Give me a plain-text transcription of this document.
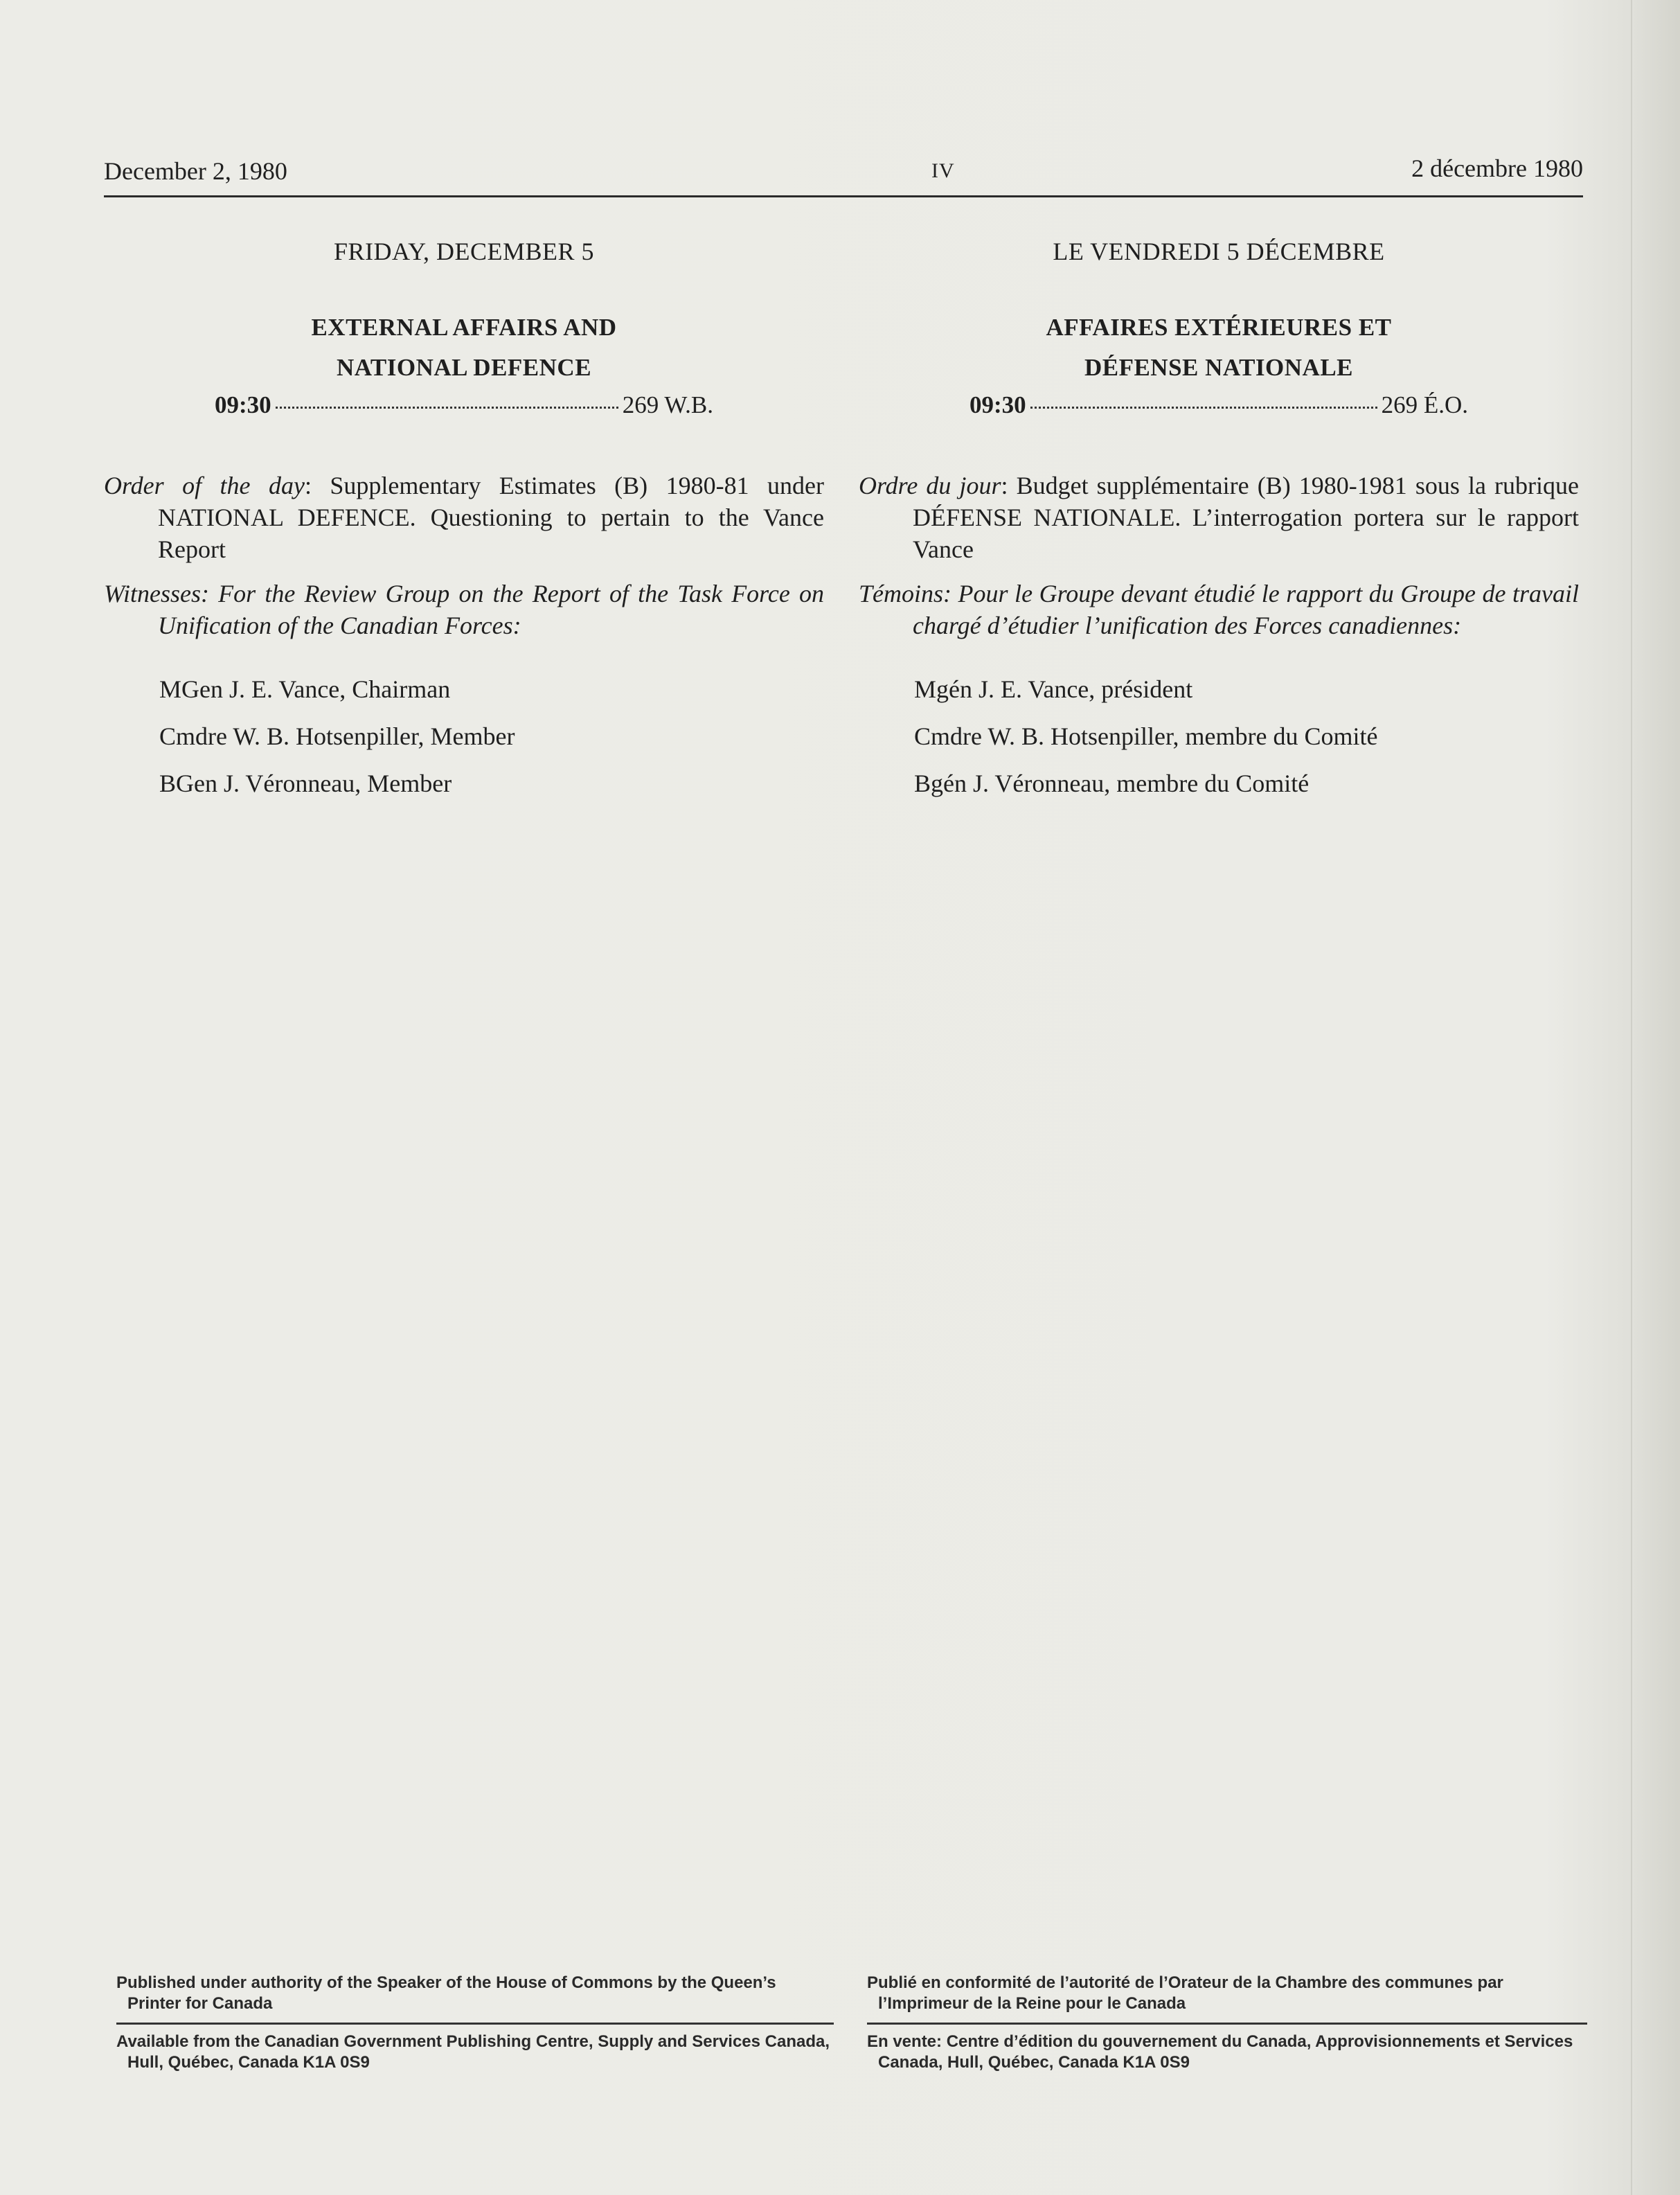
December 2, 1980	IV	2 décembre 1980
FRIDAY, DECEMBER 5
EXTERNAL AFFAIRS AND
NATIONAL DEFENCE
09:30	269 W.B.
Order of the day: Supplementary Estimates (B) 1980-81 under NATIONAL DEFENCE. Questioning to pertain to the Vance Report
Witnesses: For the Review Group on the Report of the Task Force on Unification of the Canadian Forces:
MGen J. E. Vance, Chairman
Cmdre W. B. Hotsenpiller, Member
BGen J. Véronneau, Member
LE VENDREDI 5 DÉCEMBRE
AFFAIRES EXTÉRIEURES ET
DÉFENSE NATIONALE
09:30	269 É.O.
Ordre du jour: Budget supplémentaire (B) 1980-1981 sous la rubrique DÉFENSE NATIONALE. L’interrogation portera sur le rapport Vance
Témoins: Pour le Groupe devant étudié le rapport du Groupe de travail chargé d’étudier l’unification des Forces canadiennes:
Mgén J. E. Vance, président
Cmdre W. B. Hotsenpiller, membre du Comité
Bgén J. Véronneau, membre du Comité
Published under authority of the Speaker of the House of Commons by the Queen’s Printer for Canada
Available from the Canadian Government Publishing Centre, Supply and Services Canada, Hull, Québec, Canada K1A 0S9
Publié en conformité de l’autorité de l’Orateur de la Chambre des communes par l’Imprimeur de la Reine pour le Canada
En vente: Centre d’édition du gouvernement du Canada, Approvisionnements et Services Canada, Hull, Québec, Canada K1A 0S9
